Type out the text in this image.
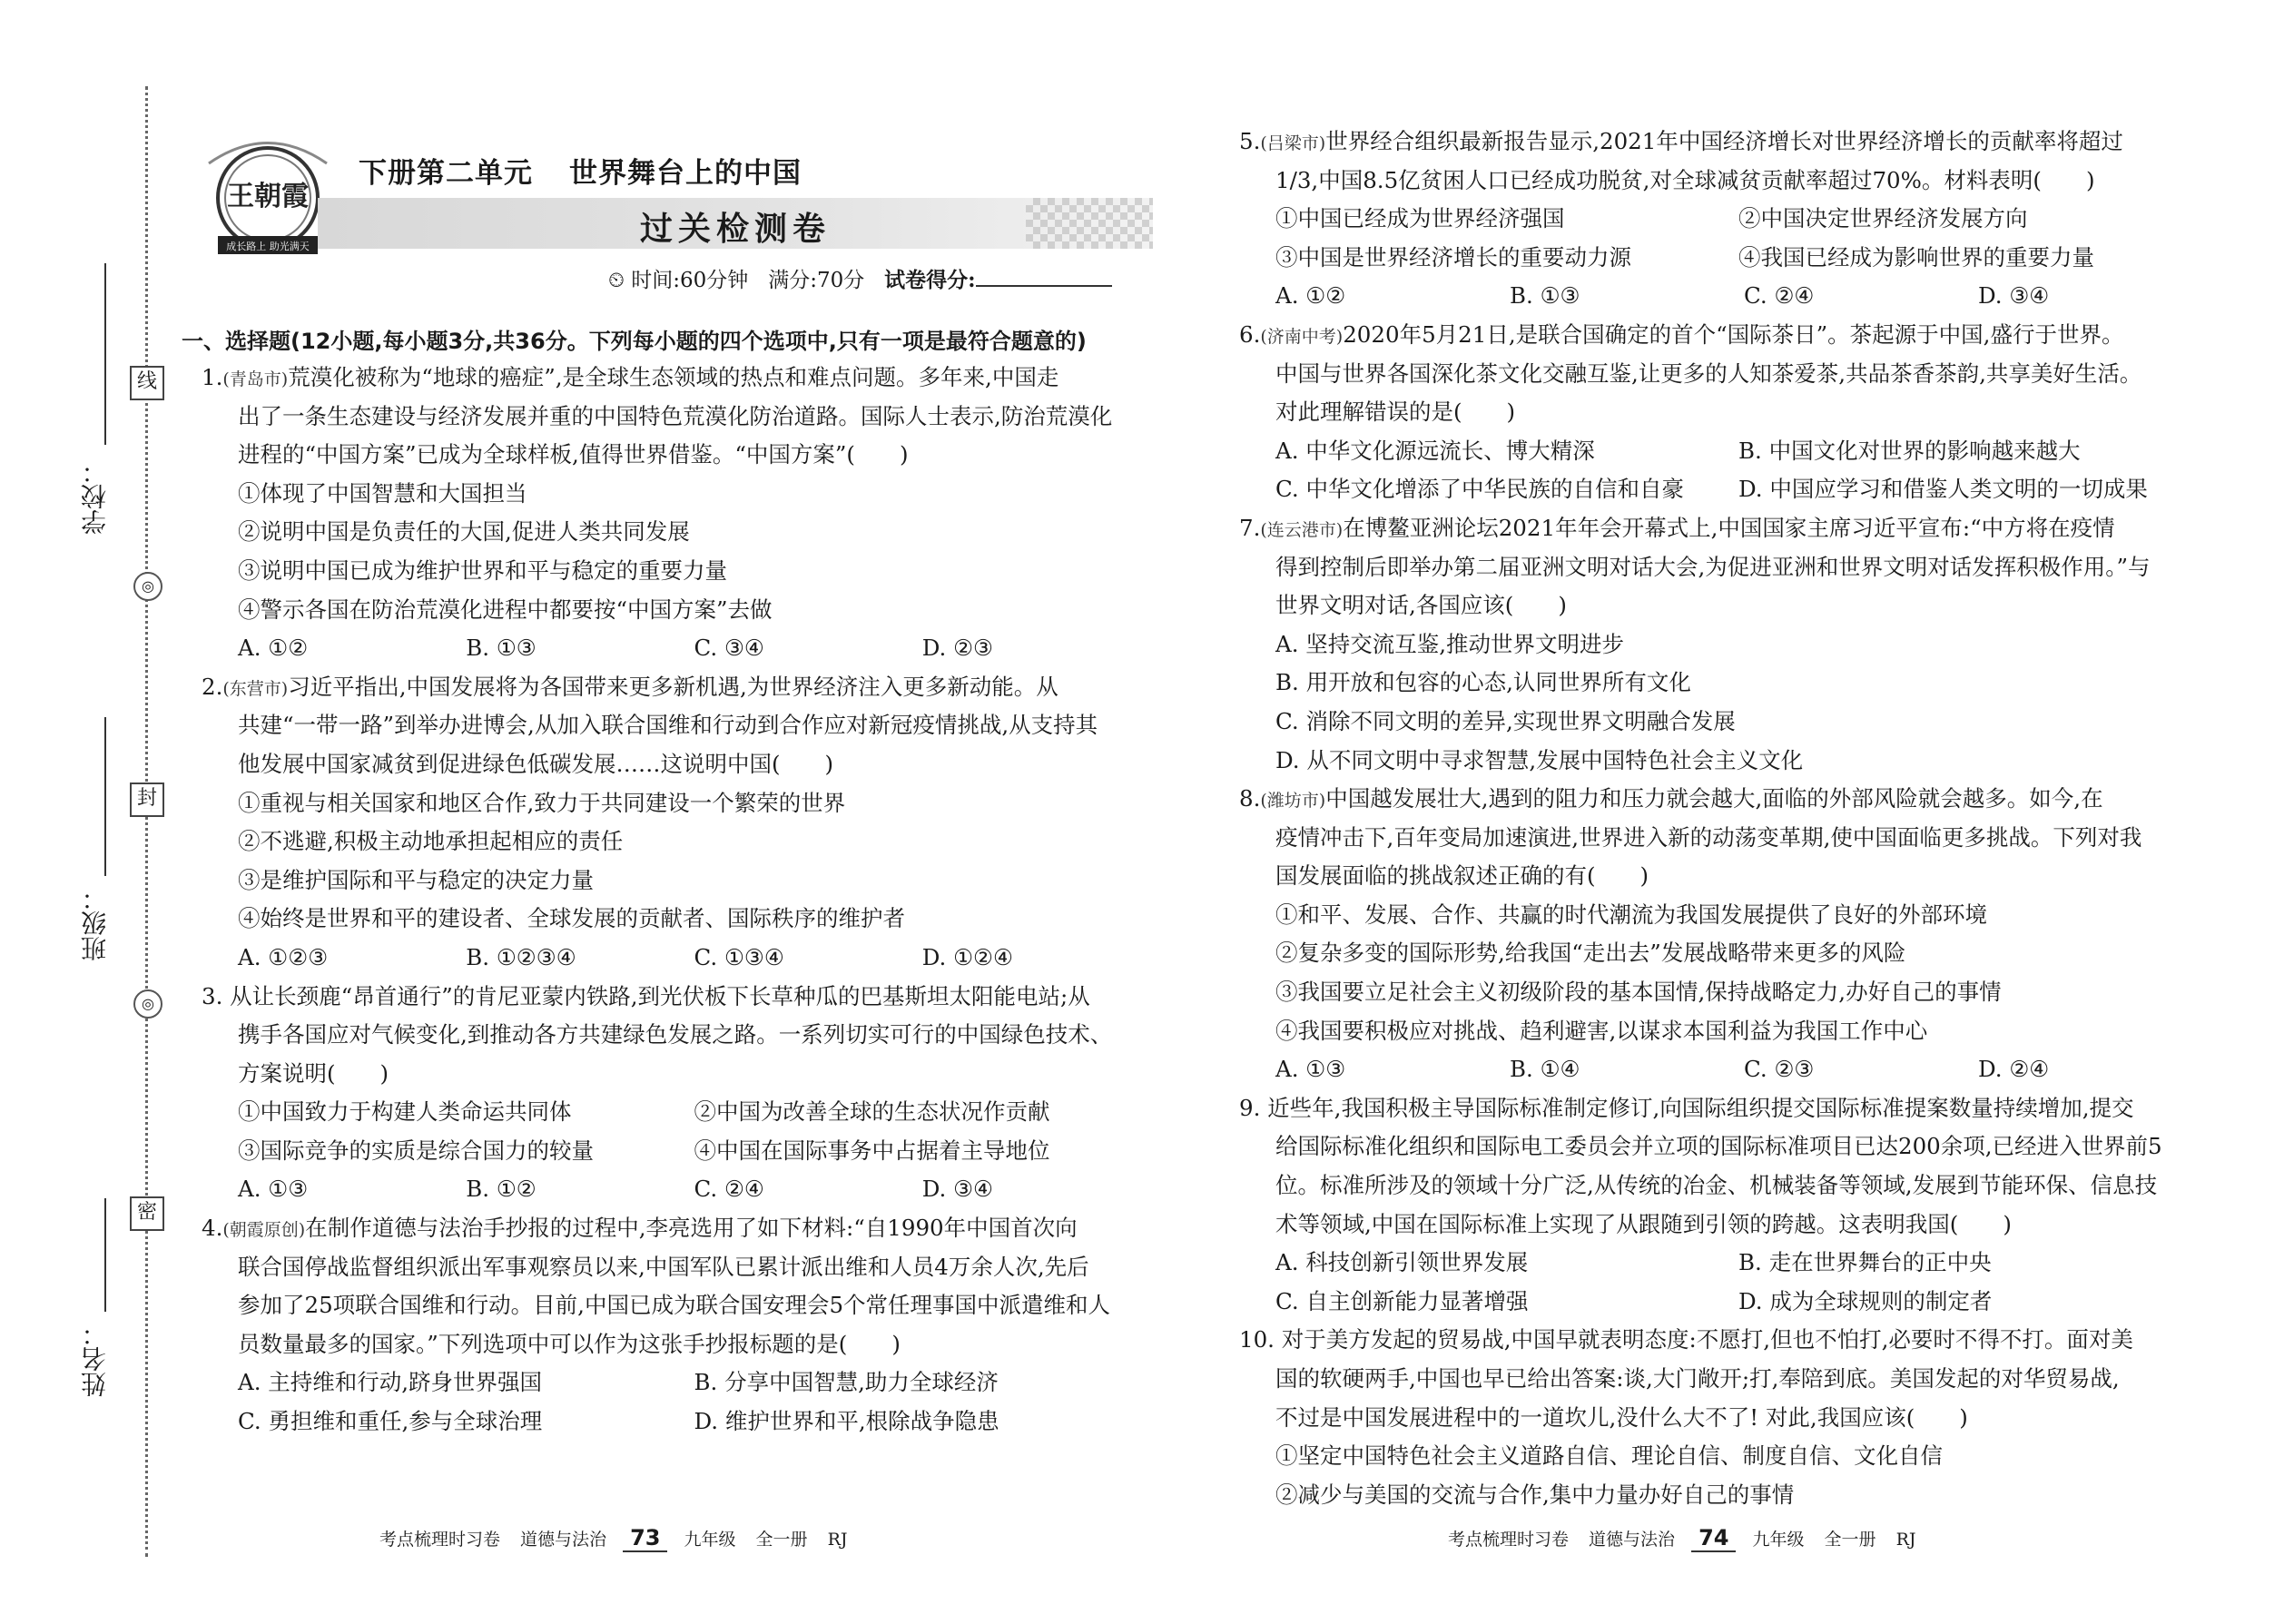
线
◎
封
◎
密
学校：
班级：
姓名：
王朝霞
成长路上 助光满天
下册第二单元 世界舞台上的中国
过关检测卷
⏲ 时间:60分钟 满分:70分 试卷得分:
一、选择题(12小题,每小题3分,共36分。下列每小题的四个选项中,只有一项是最符合题意的)
1.(青岛市)荒漠化被称为“地球的癌症”,是全球生态领域的热点和难点问题。多年来,中国走
出了一条生态建设与经济发展并重的中国特色荒漠化防治道路。国际人士表示,防治荒漠化
进程的“中国方案”已成为全球样板,值得世界借鉴。“中国方案”(　　)
①体现了中国智慧和大国担当
②说明中国是负责任的大国,促进人类共同发展
③说明中国已成为维护世界和平与稳定的重要力量
④警示各国在防治荒漠化进程中都要按“中国方案”去做
A. ①②	B. ①③	C. ③④	D. ②③
2.(东营市)习近平指出,中国发展将为各国带来更多新机遇,为世界经济注入更多新动能。从
共建“一带一路”到举办进博会,从加入联合国维和行动到合作应对新冠疫情挑战,从支持其
他发展中国家减贫到促进绿色低碳发展……这说明中国(　　)
①重视与相关国家和地区合作,致力于共同建设一个繁荣的世界
②不逃避,积极主动地承担起相应的责任
③是维护国际和平与稳定的决定力量
④始终是世界和平的建设者、全球发展的贡献者、国际秩序的维护者
A. ①②③	B. ①②③④	C. ①③④	D. ①②④
3. 从让长颈鹿“昂首通行”的肯尼亚蒙内铁路,到光伏板下长草种瓜的巴基斯坦太阳能电站;从
携手各国应对气候变化,到推动各方共建绿色发展之路。一系列切实可行的中国绿色技术、
方案说明(　　)
①中国致力于构建人类命运共同体	②中国为改善全球的生态状况作贡献
③国际竞争的实质是综合国力的较量	④中国在国际事务中占据着主导地位
A. ①③	B. ①②	C. ②④	D. ③④
4.(朝霞原创)在制作道德与法治手抄报的过程中,李亮选用了如下材料:“自1990年中国首次向
联合国停战监督组织派出军事观察员以来,中国军队已累计派出维和人员4万余人次,先后
参加了25项联合国维和行动。目前,中国已成为联合国安理会5个常任理事国中派遣维和人
员数量最多的国家。”下列选项中可以作为这张手抄报标题的是(　　)
A. 主持维和行动,跻身世界强国	B. 分享中国智慧,助力全球经济
C. 勇担维和重任,参与全球治理	D. 维护世界和平,根除战争隐患
考点梳理时习卷 道德与法治 73 九年级 全一册 RJ
5.(吕梁市)世界经合组织最新报告显示,2021年中国经济增长对世界经济增长的贡献率将超过
1/3,中国8.5亿贫困人口已经成功脱贫,对全球减贫贡献率超过70%。材料表明(　　)
①中国已经成为世界经济强国	②中国决定世界经济发展方向
③中国是世界经济增长的重要动力源	④我国已经成为影响世界的重要力量
A. ①②	B. ①③	C. ②④	D. ③④
6.(济南中考)2020年5月21日,是联合国确定的首个“国际茶日”。茶起源于中国,盛行于世界。
中国与世界各国深化茶文化交融互鉴,让更多的人知茶爱茶,共品茶香茶韵,共享美好生活。
对此理解错误的是(　　)
A. 中华文化源远流长、博大精深	B. 中国文化对世界的影响越来越大
C. 中华文化增添了中华民族的自信和自豪	D. 中国应学习和借鉴人类文明的一切成果
7.(连云港市)在博鳌亚洲论坛2021年年会开幕式上,中国国家主席习近平宣布:“中方将在疫情
得到控制后即举办第二届亚洲文明对话大会,为促进亚洲和世界文明对话发挥积极作用。”与
世界文明对话,各国应该(　　)
A. 坚持交流互鉴,推动世界文明进步
B. 用开放和包容的心态,认同世界所有文化
C. 消除不同文明的差异,实现世界文明融合发展
D. 从不同文明中寻求智慧,发展中国特色社会主义文化
8.(潍坊市)中国越发展壮大,遇到的阻力和压力就会越大,面临的外部风险就会越多。如今,在
疫情冲击下,百年变局加速演进,世界进入新的动荡变革期,使中国面临更多挑战。下列对我
国发展面临的挑战叙述正确的有(　　)
①和平、发展、合作、共赢的时代潮流为我国发展提供了良好的外部环境
②复杂多变的国际形势,给我国“走出去”发展战略带来更多的风险
③我国要立足社会主义初级阶段的基本国情,保持战略定力,办好自己的事情
④我国要积极应对挑战、趋利避害,以谋求本国利益为我国工作中心
A. ①③	B. ①④	C. ②③	D. ②④
9. 近些年,我国积极主导国际标准制定修订,向国际组织提交国际标准提案数量持续增加,提交
给国际标准化组织和国际电工委员会并立项的国际标准项目已达200余项,已经进入世界前5
位。标准所涉及的领域十分广泛,从传统的冶金、机械装备等领域,发展到节能环保、信息技
术等领域,中国在国际标准上实现了从跟随到引领的跨越。这表明我国(　　)
A. 科技创新引领世界发展	B. 走在世界舞台的正中央
C. 自主创新能力显著增强	D. 成为全球规则的制定者
10. 对于美方发起的贸易战,中国早就表明态度:不愿打,但也不怕打,必要时不得不打。面对美
国的软硬两手,中国也早已给出答案:谈,大门敞开;打,奉陪到底。美国发起的对华贸易战,
不过是中国发展进程中的一道坎儿,没什么大不了! 对此,我国应该(　　)
①坚定中国特色社会主义道路自信、理论自信、制度自信、文化自信
②减少与美国的交流与合作,集中力量办好自己的事情
考点梳理时习卷 道德与法治 74 九年级 全一册 RJ
